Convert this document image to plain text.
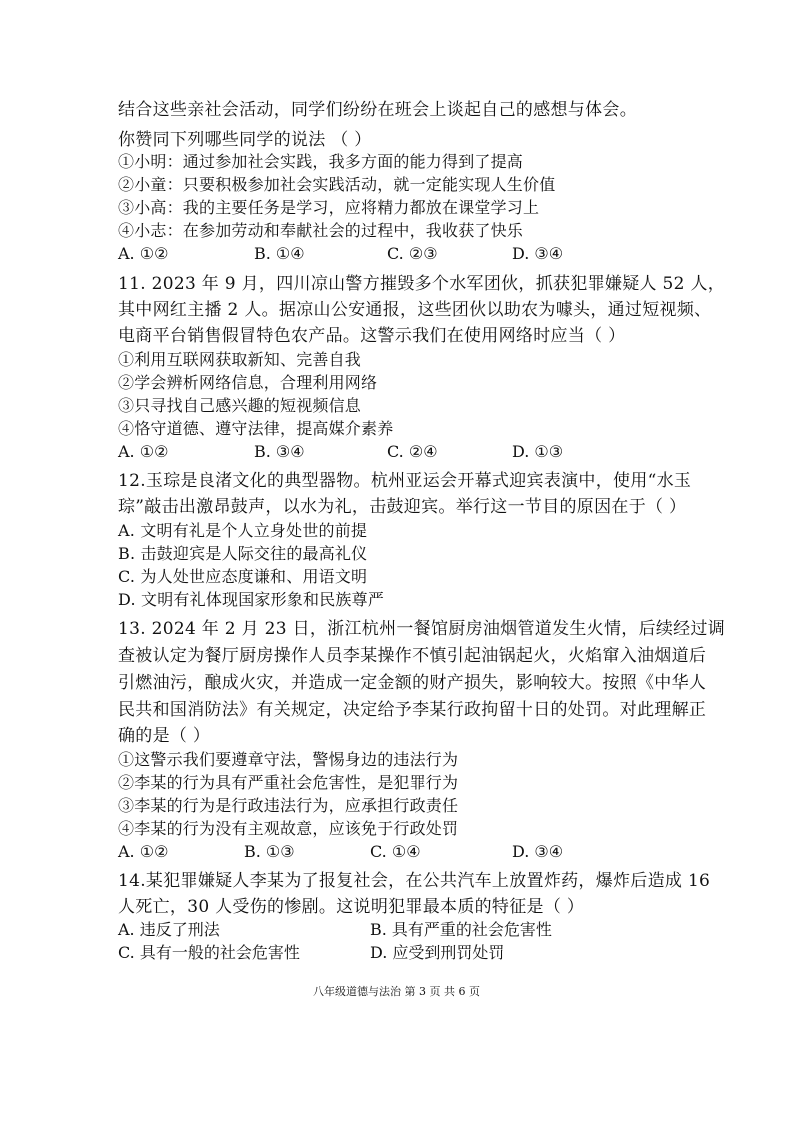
结合这些亲社会活动，同学们纷纷在班会上谈起自己的感想与体会。
你赞同下列哪些同学的说法 （ ）
①小明：通过参加社会实践，我多方面的能力得到了提高
②小童：只要积极参加社会实践活动，就一定能实现人生价值
③小高：我的主要任务是学习，应将精力都放在课堂学习上
④小志：在参加劳动和奉献社会的过程中，我收获了快乐
A. ①②	B. ①④	C. ②③	D. ③④
11. 2023 年 9 月，四川凉山警方摧毁多个水军团伙，抓获犯罪嫌疑人 52 人，
其中网红主播 2 人。据凉山公安通报，这些团伙以助农为噱头，通过短视频、
电商平台销售假冒特色农产品。这警示我们在使用网络时应当（ ）
①利用互联网获取新知、完善自我
②学会辨析网络信息，合理利用网络
③只寻找自己感兴趣的短视频信息
④恪守道德、遵守法律，提高媒介素养
A. ①②	B. ③④	C. ②④	D. ①③
12.玉琮是良渚文化的典型器物。杭州亚运会开幕式迎宾表演中，使用“水玉
琮”敲击出激昂鼓声，以水为礼，击鼓迎宾。举行这一节目的原因在于（ ）
A. 文明有礼是个人立身处世的前提
B. 击鼓迎宾是人际交往的最高礼仪
C. 为人处世应态度谦和、用语文明
D. 文明有礼体现国家形象和民族尊严
13. 2024 年 2 月 23 日，浙江杭州一餐馆厨房油烟管道发生火情，后续经过调
查被认定为餐厅厨房操作人员李某操作不慎引起油锅起火，火焰窜入油烟道后
引燃油污，酿成火灾，并造成一定金额的财产损失，影响较大。按照《中华人
民共和国消防法》有关规定，决定给予李某行政拘留十日的处罚。对此理解正
确的是（ ）
①这警示我们要遵章守法，警惕身边的违法行为
②李某的行为具有严重社会危害性，是犯罪行为
③李某的行为是行政违法行为，应承担行政责任
④李某的行为没有主观故意，应该免于行政处罚
A. ①②	B. ①③	C. ①④	D. ③④
14.某犯罪嫌疑人李某为了报复社会，在公共汽车上放置炸药，爆炸后造成 16
人死亡，30 人受伤的惨剧。这说明犯罪最本质的特征是（ ）
A. 违反了刑法	B. 具有严重的社会危害性
C. 具有一般的社会危害性	D. 应受到刑罚处罚
八年级道德与法治 第 3 页 共 6 页
